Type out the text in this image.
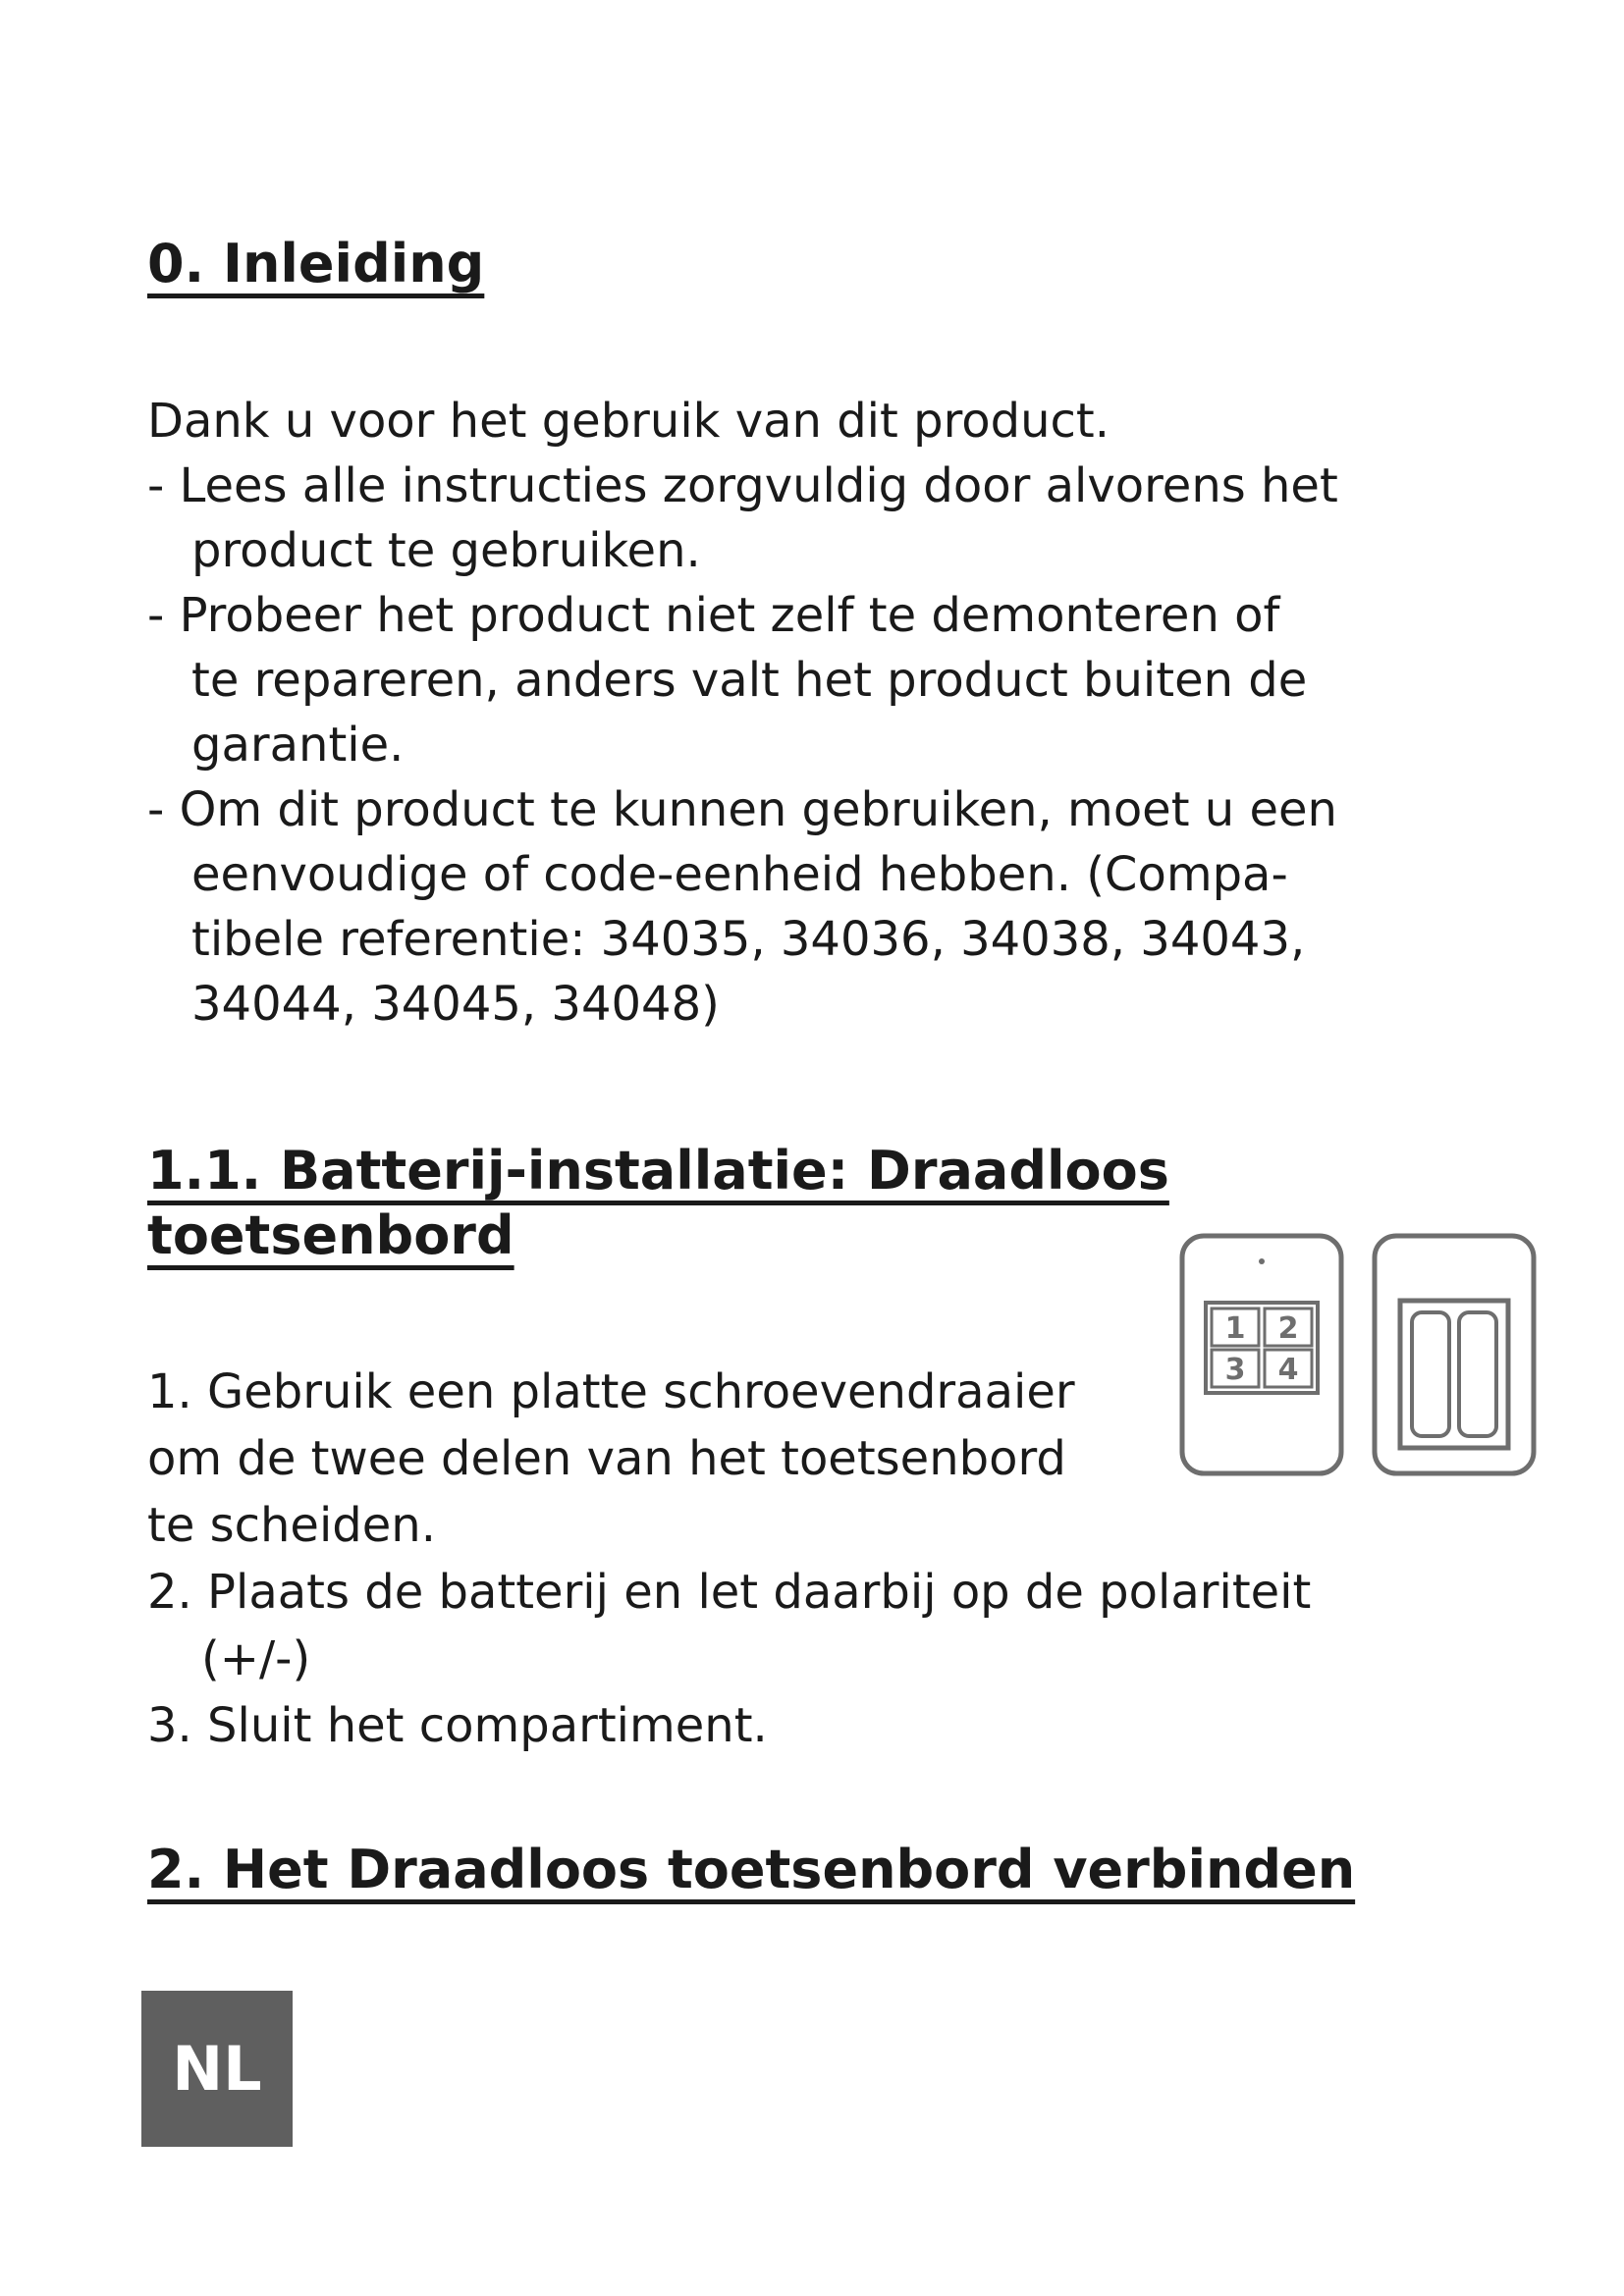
0. Inleiding
Dank u voor het gebruik van dit product.
- Lees alle instructies zorgvuldig door alvorens het
product te gebruiken.
- Probeer het product niet zelf te demonteren of
te repareren, anders valt het product buiten de
garantie.
- Om dit product te kunnen gebruiken, moet u een
eenvoudige of code-eenheid hebben. (Compa-
tibele referentie: 34035, 34036, 34038, 34043,
34044, 34045, 34048)
1.1. Batterij-installatie: Draadloos
toetsenbord
1. Gebruik een platte schroevendraaier
om de twee delen van het toetsenbord
te scheiden.
2. Plaats de batterij en let daarbij op de polariteit
(+/-)
3. Sluit het compartiment.
1 2
3 4
2. Het Draadloos toetsenbord verbinden
NL
